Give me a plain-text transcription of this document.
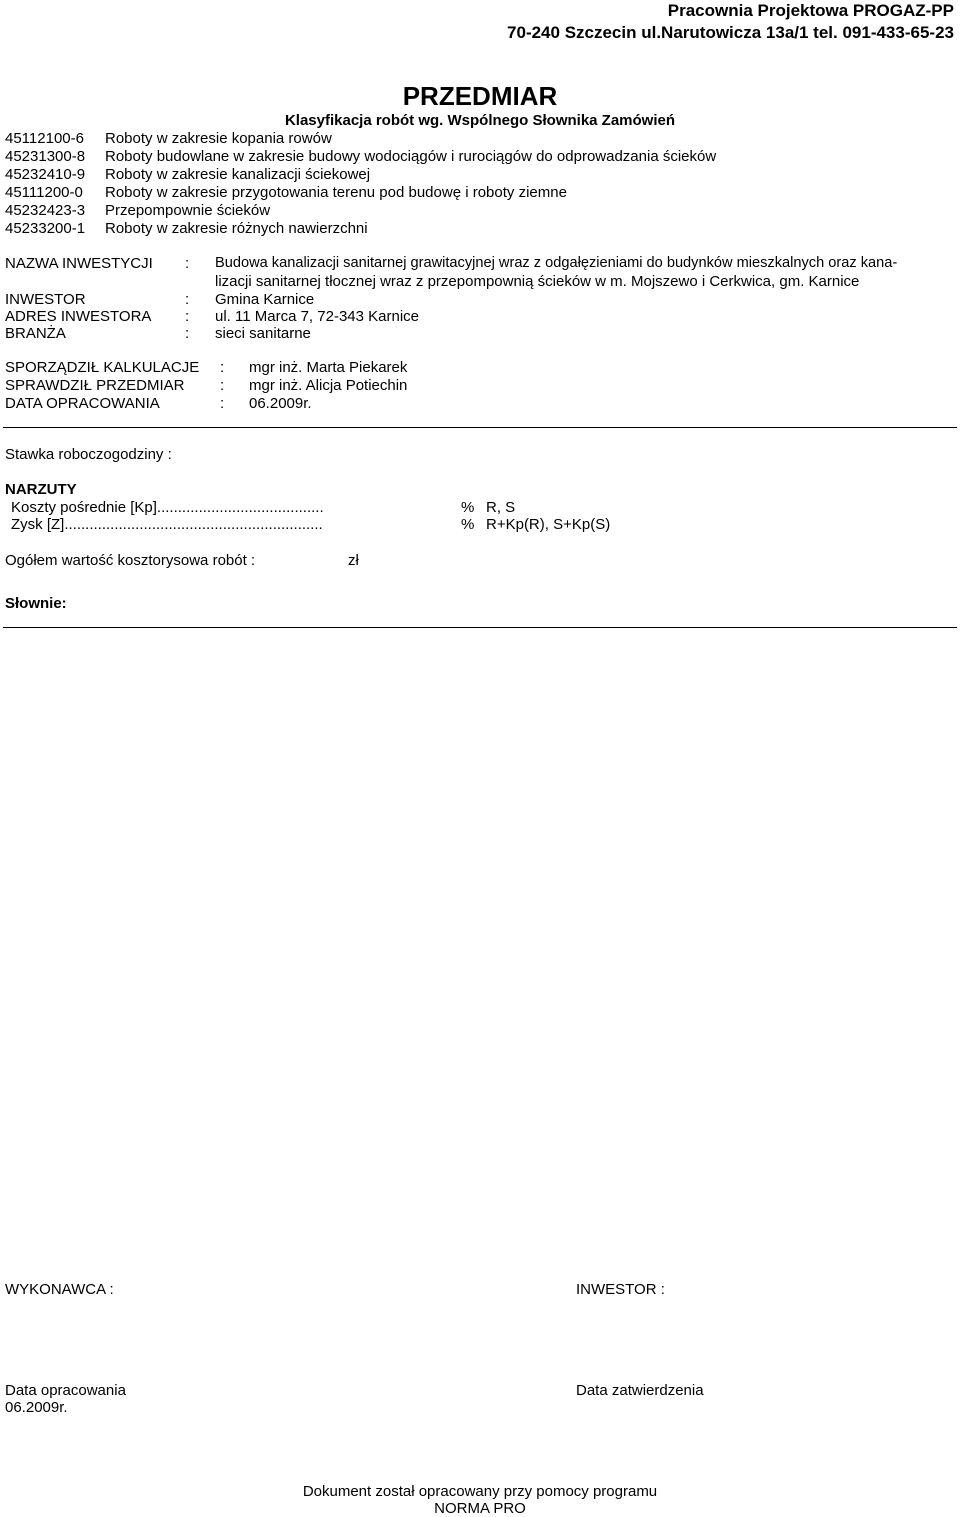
Pracownia Projektowa PROGAZ-PP
70-240 Szczecin ul.Narutowicza 13a/1 tel. 091-433-65-23
PRZEDMIAR
Klasyfikacja robót wg. Wspólnego Słownika Zamówień
45112100-6	Roboty w zakresie kopania rowów
45231300-8	Roboty budowlane w zakresie budowy wodociągów i rurociągów do odprowadzania ścieków
45232410-9	Roboty w zakresie kanalizacji ściekowej
45111200-0	Roboty w zakresie przygotowania terenu pod budowę i roboty ziemne
45232423-3	Przepompownie ścieków
45233200-1	Roboty w zakresie różnych nawierzchni
NAZWA INWESTYCJI : Budowa kanalizacji sanitarnej grawitacyjnej wraz z odgałęzieniami do budynków mieszkalnych oraz kana-
lizacji sanitarnej tłocznej wraz z przepompownią ścieków w m. Mojszewo i Cerkwica, gm. Karnice
INWESTOR	: Gmina Karnice
ADRES INWESTORA : ul. 11 Marca 7, 72-343 Karnice
BRANŻA	: sieci sanitarne
SPORZĄDZIŁ KALKULACJE : mgr inż. Marta Piekarek
SPRAWDZIŁ PRZEDMIAR : mgr inż. Alicja Potiechin
DATA OPRACOWANIA	: 06.2009r.
Stawka roboczogodziny :
NARZUTY
Koszty pośrednie [Kp]........................................	% R, S
Zysk [Z]..............................................................	% R+Kp(R), S+Kp(S)
Ogółem wartość kosztorysowa robót :	zł
Słownie:
WYKONAWCA :	INWESTOR :
Data opracowania
06.2009r.
Data zatwierdzenia
Dokument został opracowany przy pomocy programu
NORMA PRO
